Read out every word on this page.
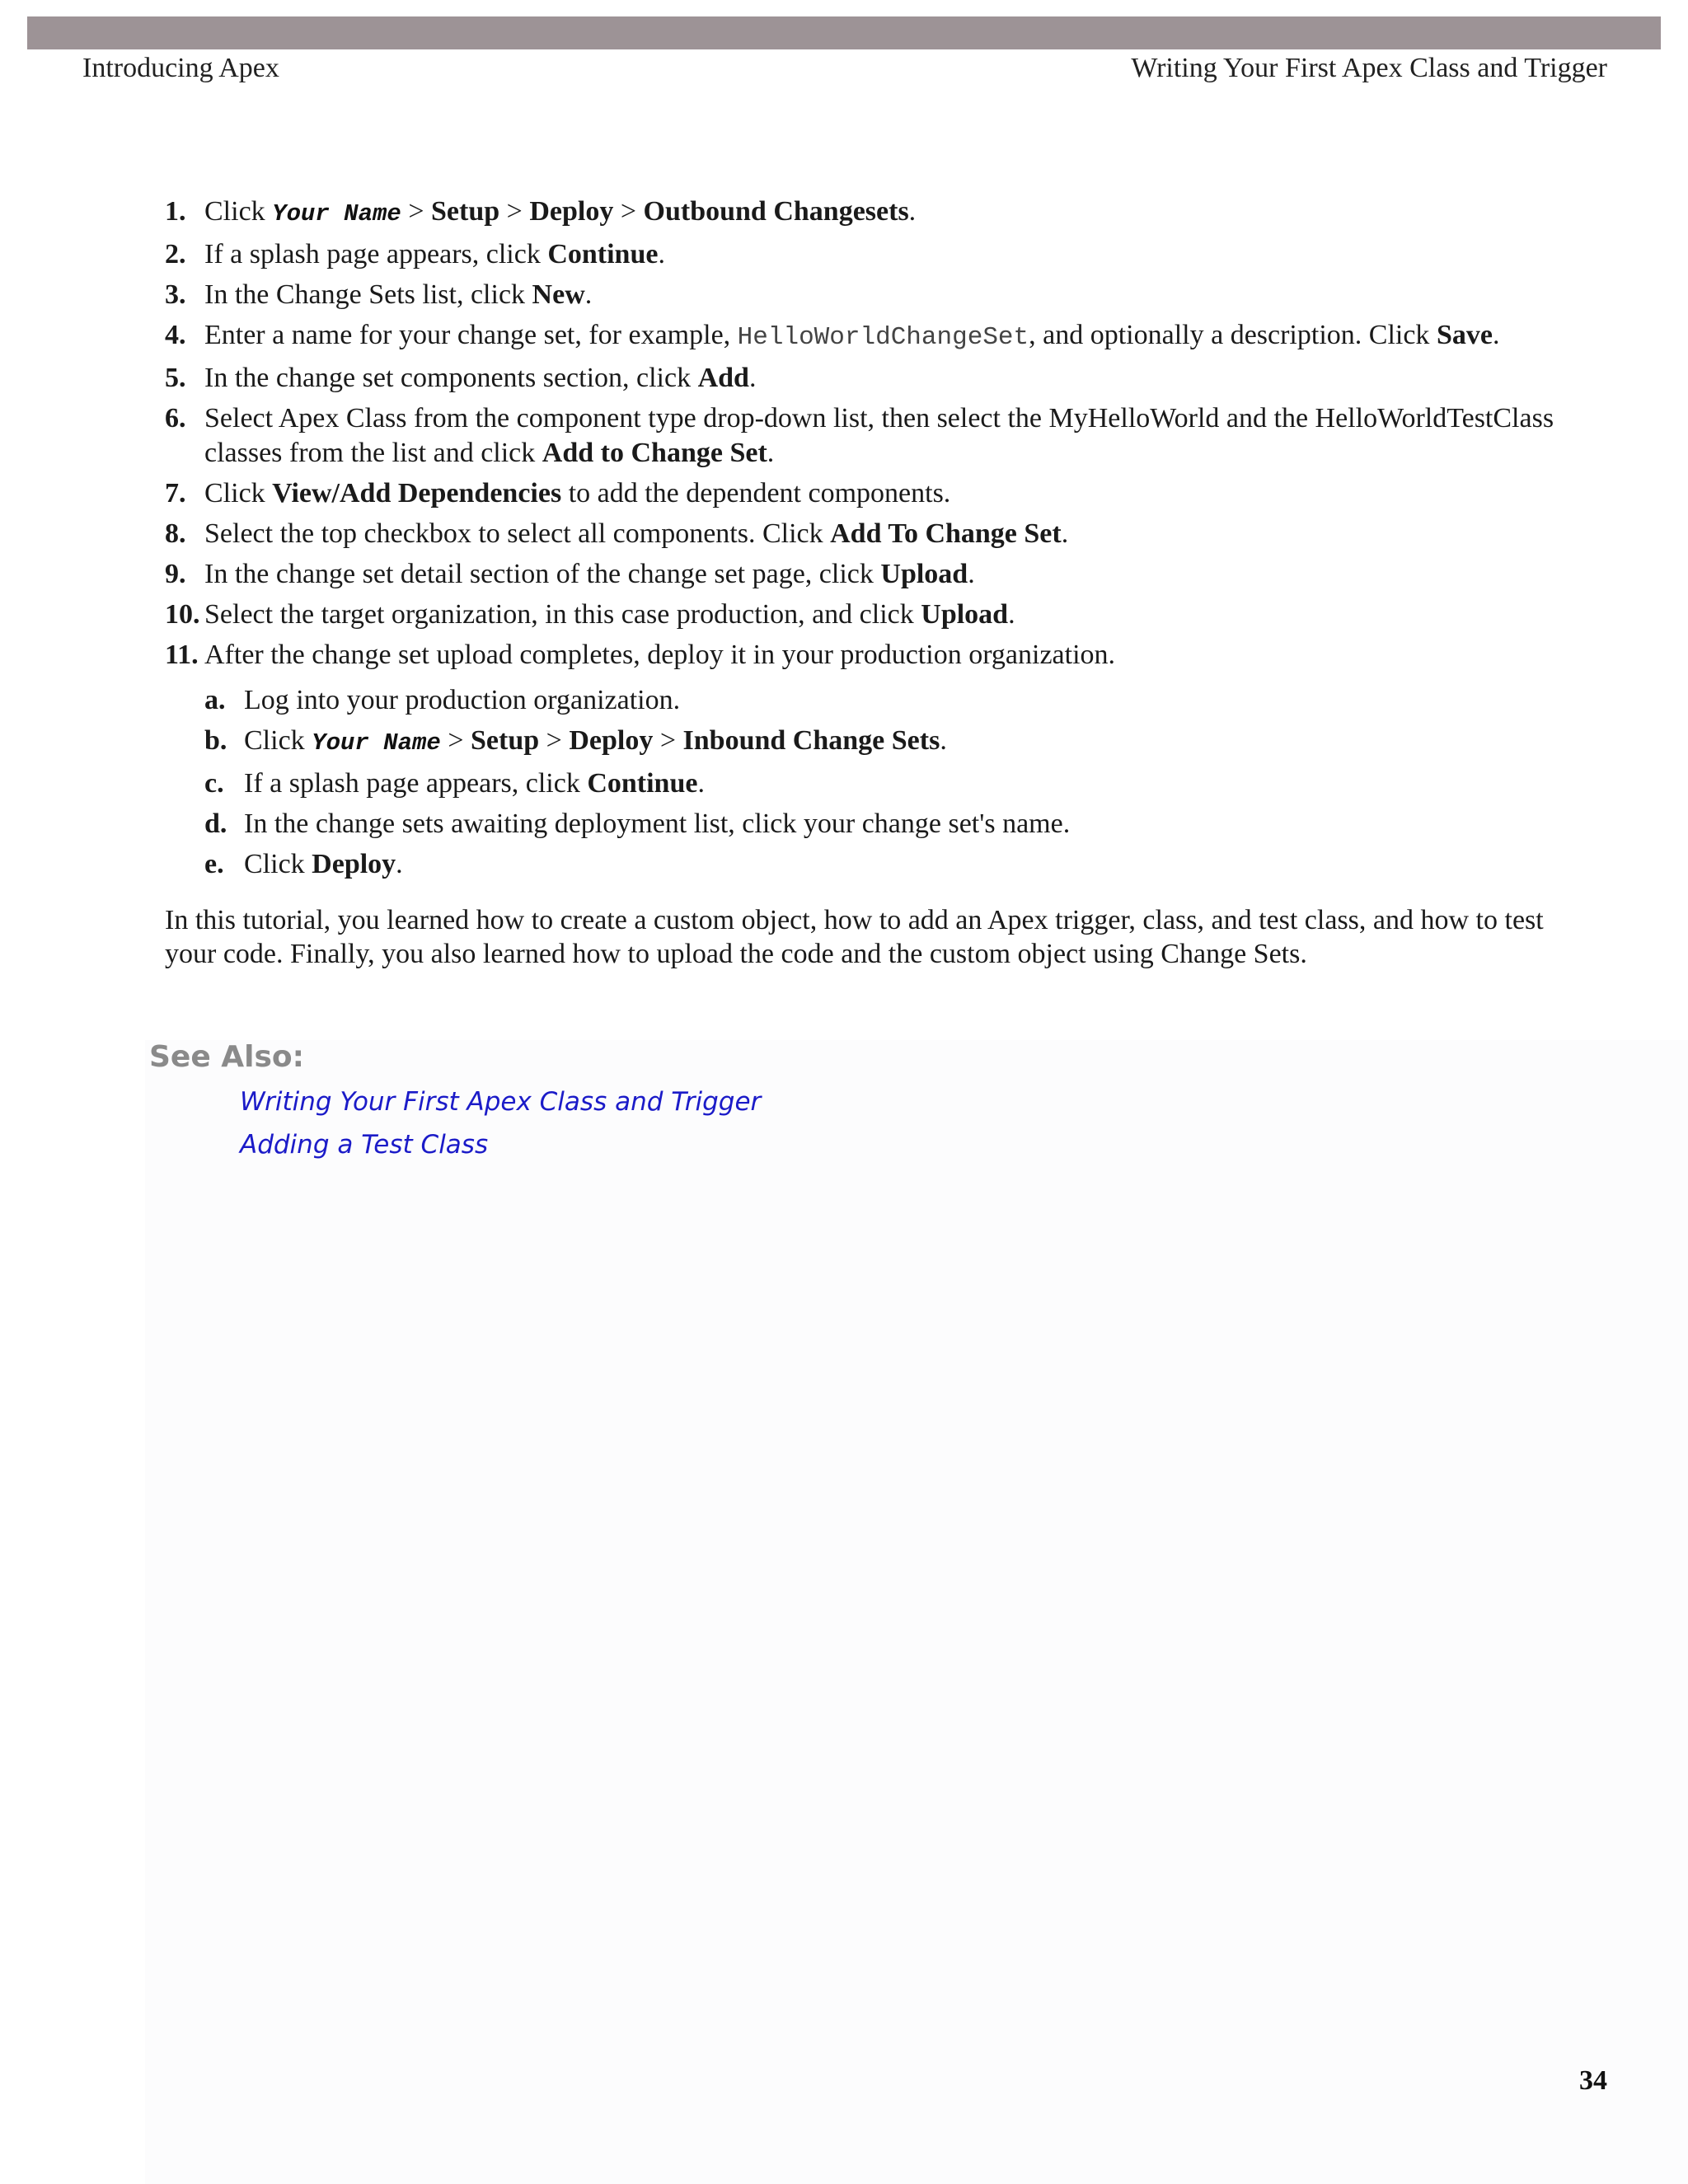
Introducing Apex	Writing Your First Apex Class and Trigger
1. Click Your Name > Setup > Deploy > Outbound Changesets.
2. If a splash page appears, click Continue.
3. In the Change Sets list, click New.
4. Enter a name for your change set, for example, HelloWorldChangeSet, and optionally a description. Click Save.
5. In the change set components section, click Add.
6. Select Apex Class from the component type drop-down list, then select the MyHelloWorld and the HelloWorldTestClass classes from the list and click Add to Change Set.
7. Click View/Add Dependencies to add the dependent components.
8. Select the top checkbox to select all components. Click Add To Change Set.
9. In the change set detail section of the change set page, click Upload.
10. Select the target organization, in this case production, and click Upload.
11. After the change set upload completes, deploy it in your production organization.
a. Log into your production organization.
b. Click Your Name > Setup > Deploy > Inbound Change Sets.
c. If a splash page appears, click Continue.
d. In the change sets awaiting deployment list, click your change set's name.
e. Click Deploy.

In this tutorial, you learned how to create a custom object, how to add an Apex trigger, class, and test class, and how to test your code. Finally, you also learned how to upload the code and the custom object using Change Sets.

See Also:
Writing Your First Apex Class and Trigger
Adding a Test Class
34
